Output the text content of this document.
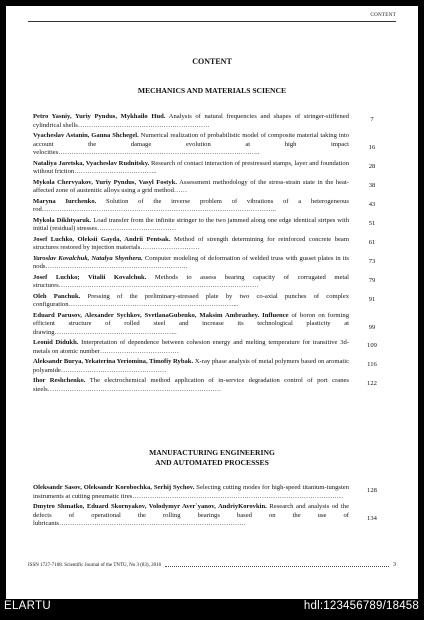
CONTENT
CONTENT
MECHANICS AND MATERIALS SCIENCE
Petro Yasniy, Yuriy Pyndus, Mykhailo Hud. Analysis of natural frequencies and shapes of stringer-stiffened cylindrical shells……………………………………………………
Vyacheslav Astanin, Ganna Shchegel. Numerical realization of probabilistic model of composite material taking into account the damage evolution at high impact velocities………………………………………………………………………………..
Nataliya Jaretska, Vyacheslav Rudnitsky. Research of contact interaction of prestressed stamps, layer and foundation without friction………………………………..
Mykola Chervyakov, Yuriy Pyndus, Vasyl Fostyk. Assessment methodology of the stress-strain state in the heat-affected zone of austenitic alloys using a grid method……
Maryna Iurchenko. Solution of the inverse problem of vibrations of a heterogeneous rod……………………………………………………………………………………………..
Mykola Dikhtyaruk. Load transfer from the infinite stringer to the two jammed along one edge identical stripes with initial (residual) stresses………………………………
Josef Luchko, Oleksii Gayda, Andrii Pentsak. Method of strength determining for reinforced concrete beam structures restored by injection materials………………………
Yaroslav Kovalchuk, Natalya Shynhera. Computer modeling of deformation of welded truss with gusset plates in its nods………………………………………………………..
Josef Luchko; Vitalii Kovalchuk. Methods to assess bearing capacity of corrugated metal structures……………………………………………………………………………….
Oleh Panchuk. Pressing of the preliminary-stressed plate by two co-axial punches of complex configuration…………………………………………………………………...
Eduard Parusov, Alexander Sychkov, SvetlanaGubenko, Maksim Ambrazhey. Influence of boron on forming efficient structure of rolled steel and increase its technological plasticity at drawing………………………………………………..
Leonid Didukh. Interpretation of dependence between cohesion energy and melting temperature for transitive 3d-metals on atomic number………………………………
Aleksandr Burya, Yekaterina Yeriomina, Timofiy Rybak. X-ray phase analysis of metal polymers based on aromatic polyamide…………………………………………
Ihor Reshchenko. The electrochemical method application of in-service degradation control of port cranes steels…………………………………………………………………….
7
16
28
38
43
51
61
73
79
91
99
109
116
122
MANUFACTURING ENGINEERING
AND AUTOMATED PROCESSES
Oleksandr Sasov, Oleksandr Korobochka, Serhij Sychov. Selecting cutting modes for high-speed titanium-tungsten instruments at cutting pneumatic tires……………………………………………………………………………………
Dmytro Shmatko, Eduard Skornyakov, Volodymyr Aver`yanov, AndriyKorovkin. Research and analysis od the defects of operational the rolling bearings based on the use of lubricants………………………………………………………………………….
128
134
ISSN 1727-7108. Scientific Journal of the TNTU, No 3 (83), 2016	3
ELARTU	hdl:123456789/18458
